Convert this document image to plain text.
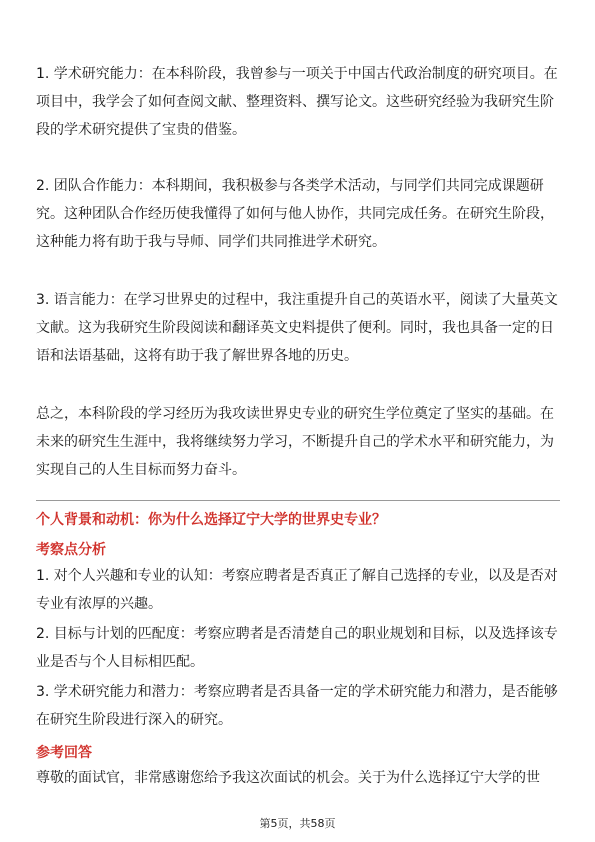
1. 学术研究能力：在本科阶段，我曾参与一项关于中国古代政治制度的研究项目。在项目中，我学会了如何查阅文献、整理资料、撰写论文。这些研究经验为我研究生阶段的学术研究提供了宝贵的借鉴。

2. 团队合作能力：本科期间，我积极参与各类学术活动，与同学们共同完成课题研究。这种团队合作经历使我懂得了如何与他人协作，共同完成任务。在研究生阶段，这种能力将有助于我与导师、同学们共同推进学术研究。

3. 语言能力：在学习世界史的过程中，我注重提升自己的英语水平，阅读了大量英文文献。这为我研究生阶段阅读和翻译英文史料提供了便利。同时，我也具备一定的日语和法语基础，这将有助于我了解世界各地的历史。

总之，本科阶段的学习经历为我攻读世界史专业的研究生学位奠定了坚实的基础。在未来的研究生生涯中，我将继续努力学习，不断提升自己的学术水平和研究能力，为实现自己的人生目标而努力奋斗。

个人背景和动机：你为什么选择辽宁大学的世界史专业？

考察点分析

1. 对个人兴趣和专业的认知：考察应聘者是否真正了解自己选择的专业，以及是否对专业有浓厚的兴趣。

2. 目标与计划的匹配度：考察应聘者是否清楚自己的职业规划和目标，以及选择该专业是否与个人目标相匹配。

3. 学术研究能力和潜力：考察应聘者是否具备一定的学术研究能力和潜力，是否能够在研究生阶段进行深入的研究。

参考回答

尊敬的面试官，非常感谢您给予我这次面试的机会。关于为什么选择辽宁大学的世

第5页，共58页
